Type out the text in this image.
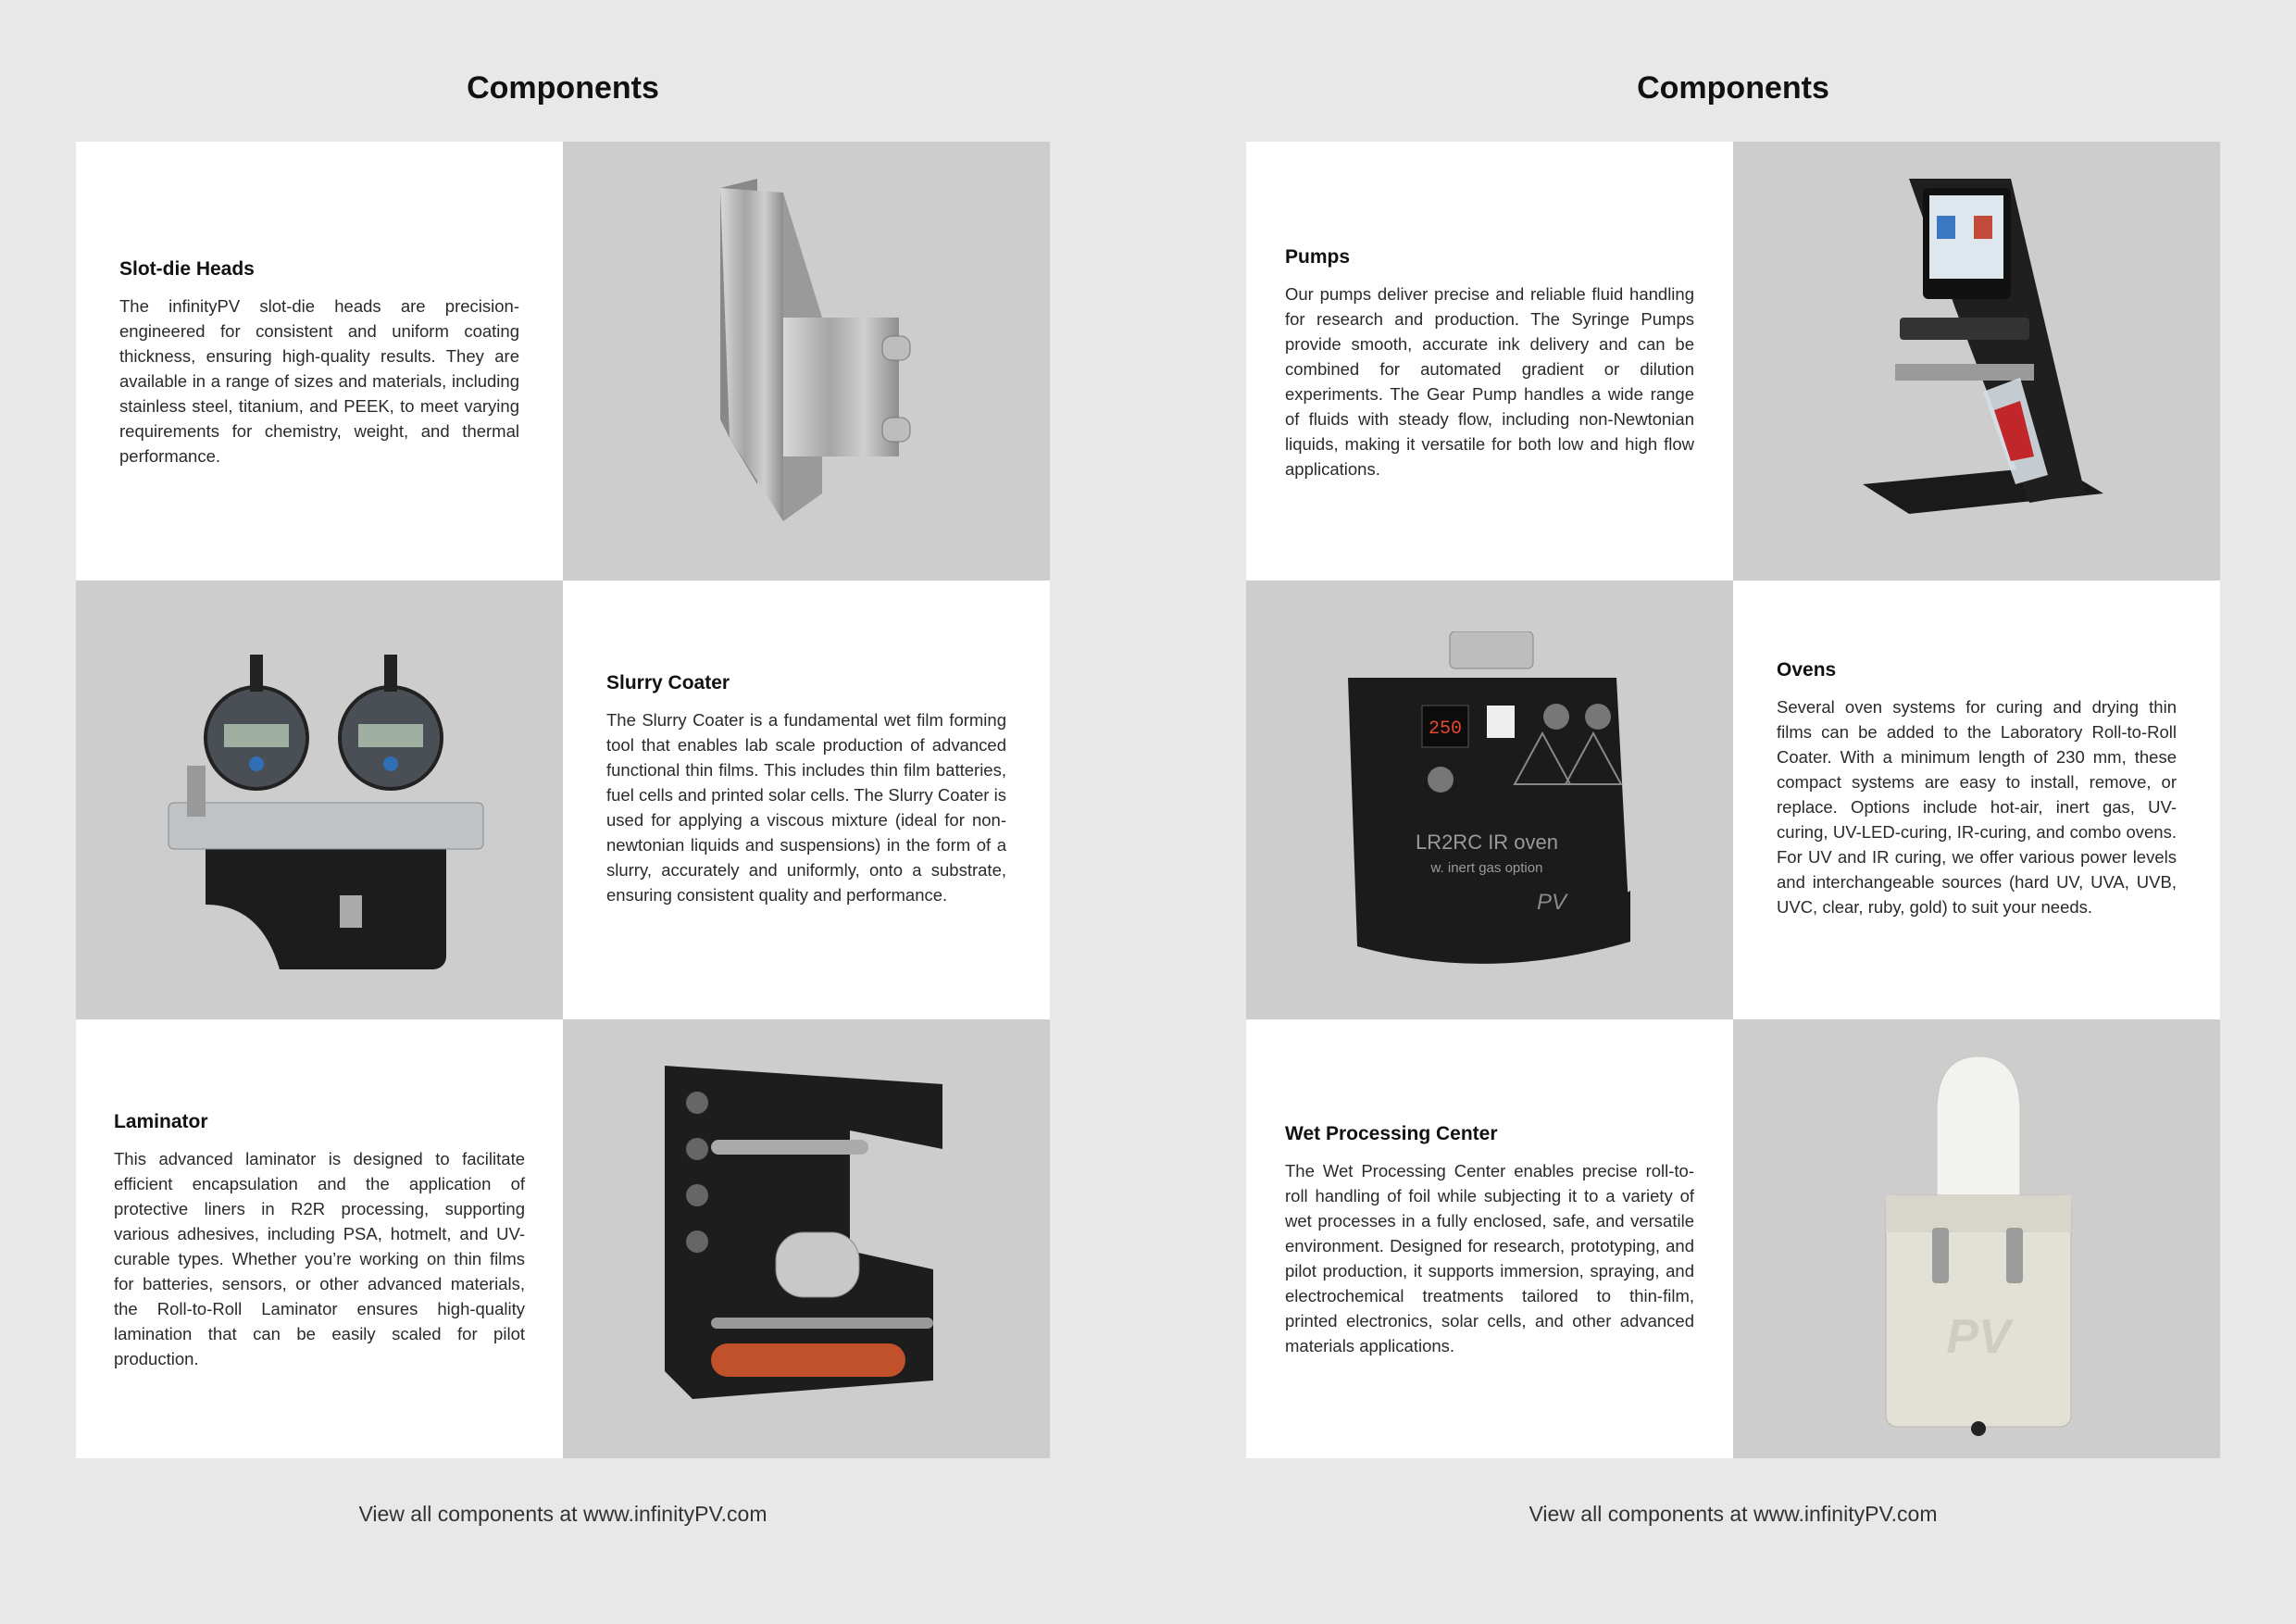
Components
Slot-die Heads

The infinityPV slot-die heads are precision-engineered for consistent and uniform coating thickness, ensuring high-quality results. They are available in a range of sizes and materials, including stainless steel, titanium, and PEEK, to meet varying requirements for chemistry, weight, and thermal performance.

Slurry Coater

The Slurry Coater is a fundamental wet film forming tool that enables lab scale production of advanced functional thin films. This includes thin film batteries, fuel cells and printed solar cells. The Slurry Coater is used for applying a viscous mixture (ideal for non-newtonian liquids and suspensions) in the form of a slurry, accurately and uniformly, onto a substrate, ensuring consistent quality and performance.

Laminator

This advanced laminator is designed to facilitate efficient encapsulation and the application of protective liners in R2R processing, supporting various adhesives, including PSA, hotmelt, and UV-curable types. Whether you’re working on thin films for batteries, sensors, or other advanced materials, the Roll-to-Roll Laminator ensures high-quality lamination that can be easily scaled for pilot production.

View all components at www.infinityPV.com
Components
Pumps

Our pumps deliver precise and reliable fluid handling for research and production. The Syringe Pumps provide smooth, accurate ink delivery and can be combined for automated gradient or dilution experiments. The Gear Pump handles a wide range of fluids with steady flow, including non-Newtonian liquids, making it versatile for both low and high flow applications.

250
LR2RC IR oven
w. inert gas option
PV
Ovens

Several oven systems for curing and drying thin films can be added to the Laboratory Roll-to-Roll Coater. With a minimum length of 230 mm, these compact systems are easy to install, remove, or replace. Options include hot-air, inert gas, UV-curing, UV-LED-curing, IR-curing, and combo ovens. For UV and IR curing, we offer various power levels and interchangeable sources (hard UV, UVA, UVB, UVC, clear, ruby, gold) to suit your needs.

Wet Processing Center

The Wet Processing Center enables precise roll-to-roll handling of foil while subjecting it to a variety of wet processes in a fully enclosed, safe, and versatile environment. Designed for research, prototyping, and pilot production, it supports immersion, spraying, and electrochemical treatments tailored to thin-film, printed electronics, solar cells, and other advanced materials applications.	PV
View all components at www.infinityPV.com
